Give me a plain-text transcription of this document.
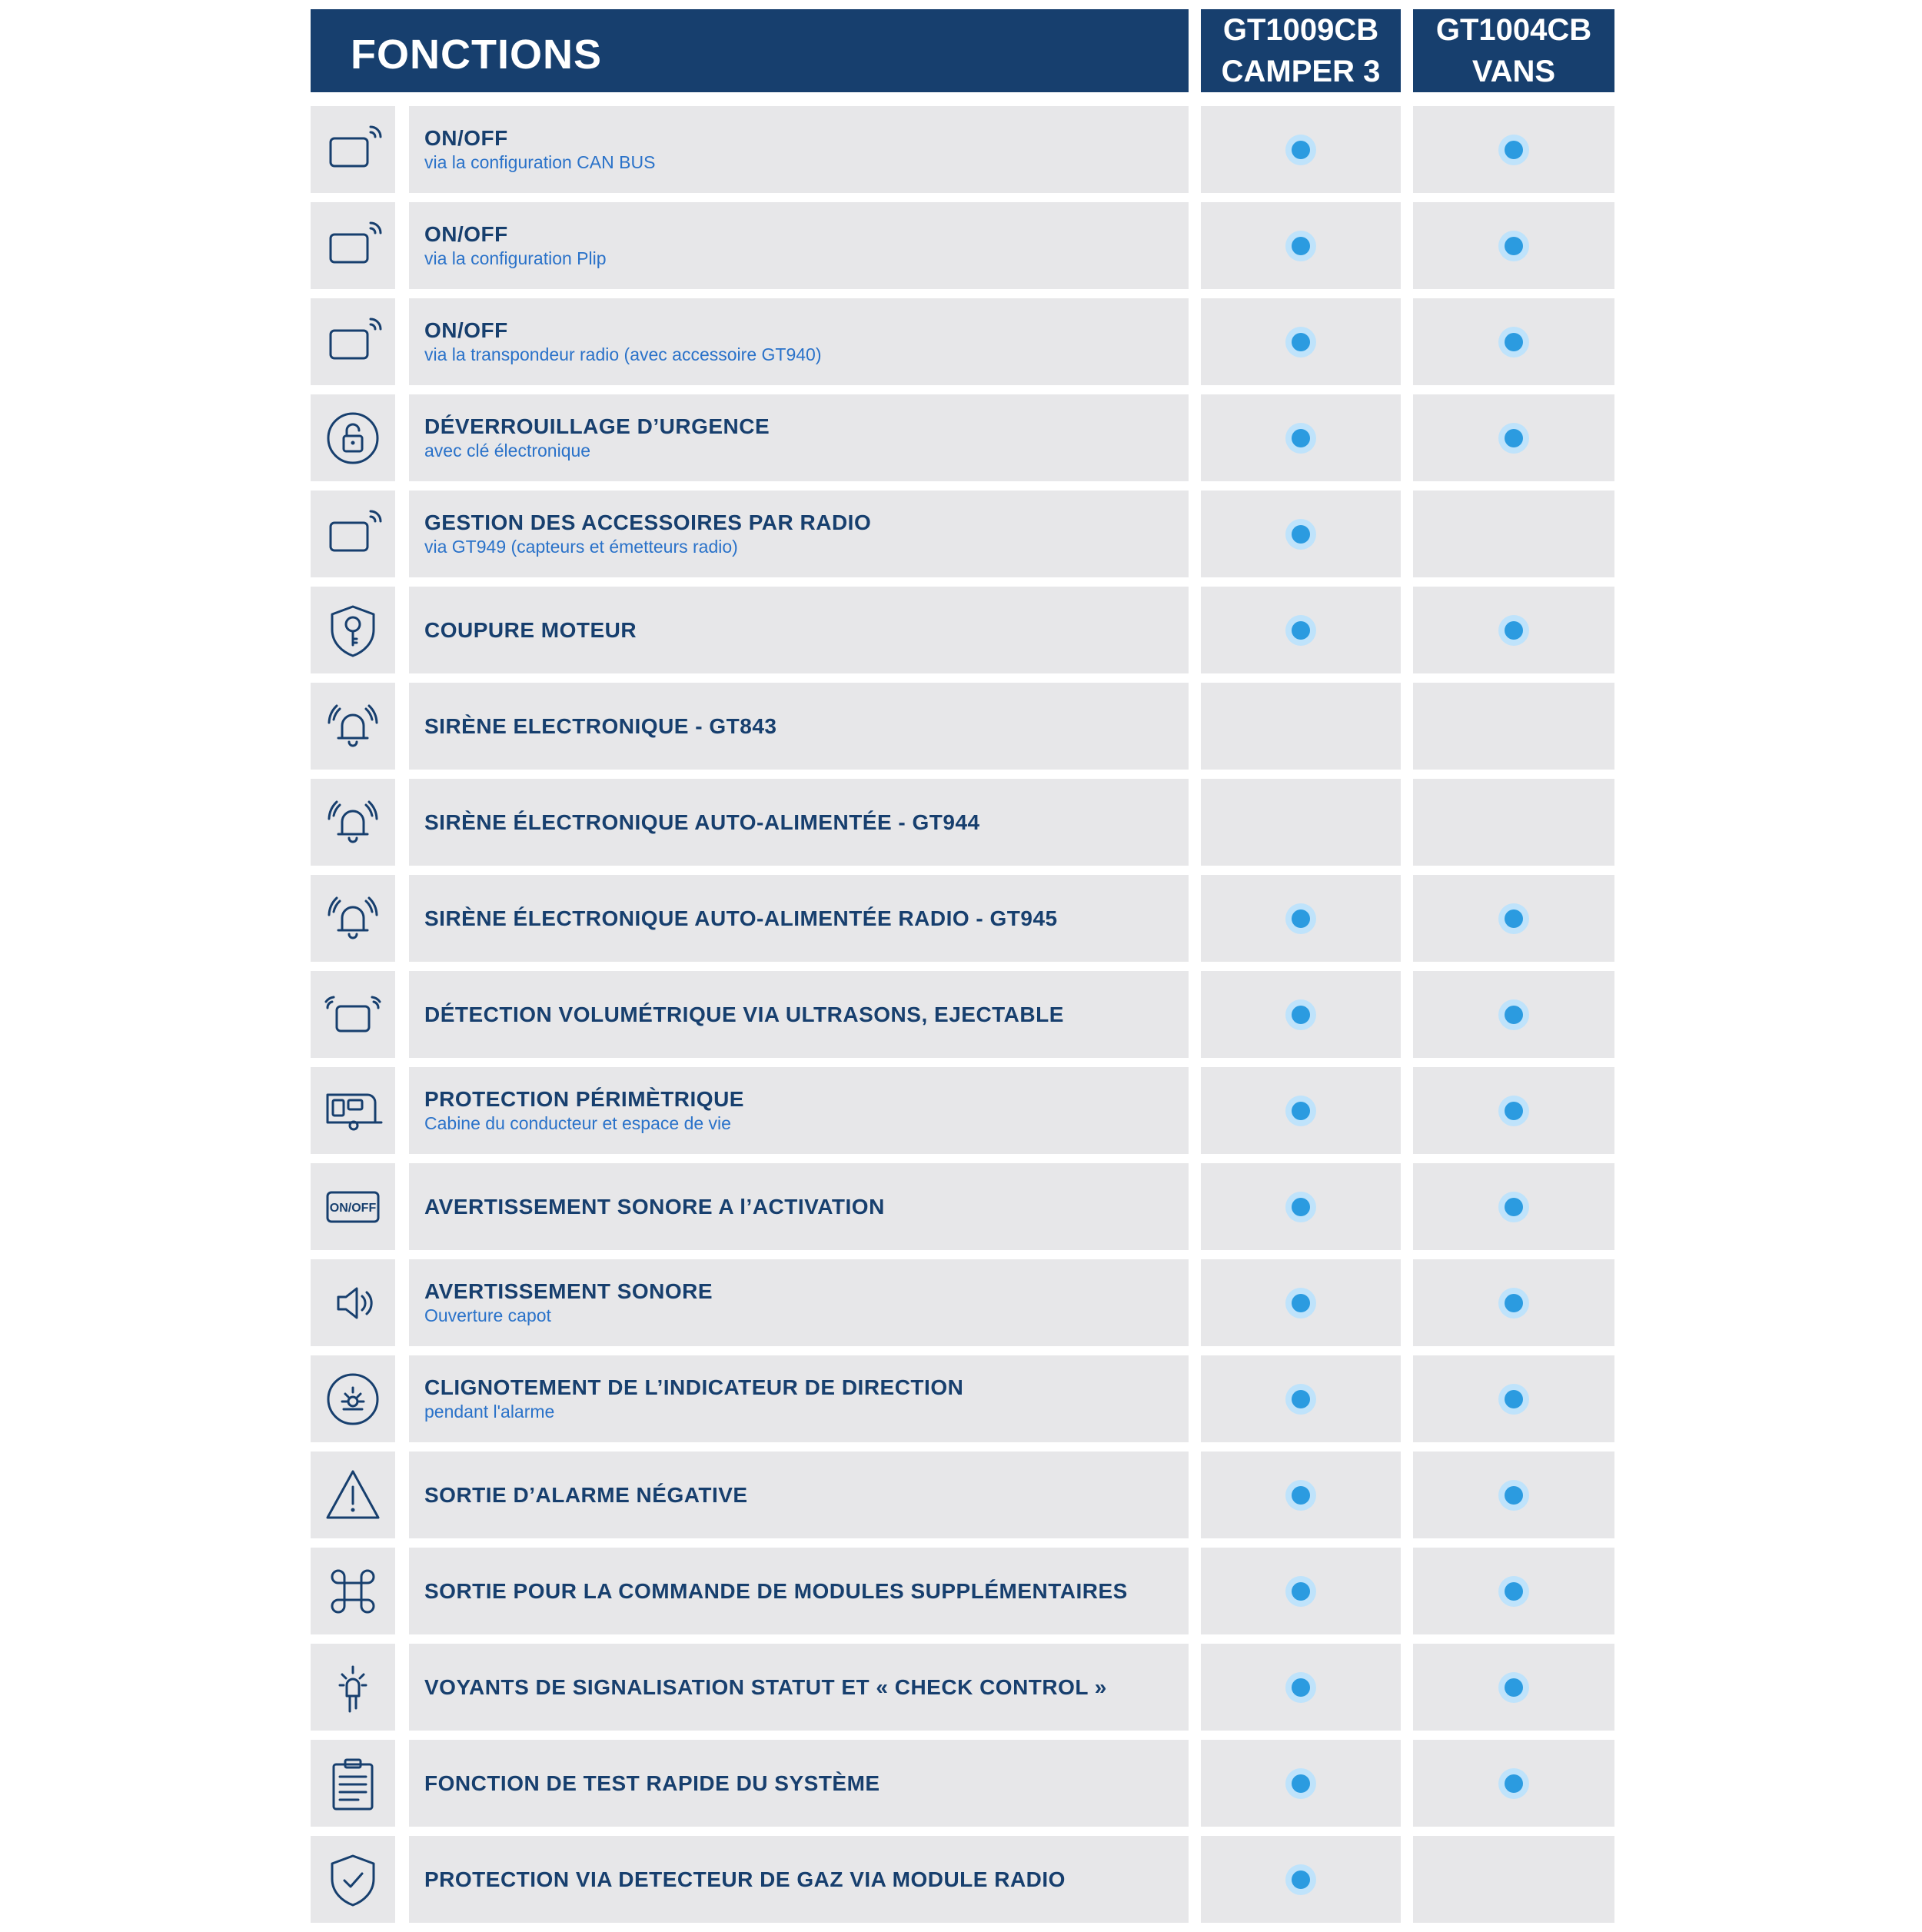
FONCTIONS
GT1009CB
CAMPER 3
GT1004CB
VANS
ON/OFF
via la configuration CAN BUS
ON/OFF
via la configuration Plip
ON/OFF
via la transpondeur radio (avec accessoire GT940)
DÉVERROUILLAGE D’URGENCE
avec clé électronique
GESTION DES ACCESSOIRES PAR RADIO
via GT949 (capteurs et émetteurs radio)
COUPURE MOTEUR
SIRÈNE ELECTRONIQUE - GT843
SIRÈNE ÉLECTRONIQUE AUTO-ALIMENTÉE - GT944
SIRÈNE ÉLECTRONIQUE AUTO-ALIMENTÉE RADIO - GT945
DÉTECTION VOLUMÉTRIQUE VIA ULTRASONS, EJECTABLE
PROTECTION PÉRIMÈTRIQUE
Cabine du conducteur et espace de vie
ON/OFF AVERTISSEMENT SONORE A l’ACTIVATION
AVERTISSEMENT SONORE
Ouverture capot
CLIGNOTEMENT DE L’INDICATEUR DE DIRECTION
pendant l'alarme
SORTIE D’ALARME NÉGATIVE
SORTIE POUR LA COMMANDE DE MODULES SUPPLÉMENTAIRES
VOYANTS DE SIGNALISATION STATUT ET « CHECK CONTROL »
FONCTION DE TEST RAPIDE DU SYSTÈME
PROTECTION VIA DETECTEUR DE GAZ VIA MODULE RADIO
